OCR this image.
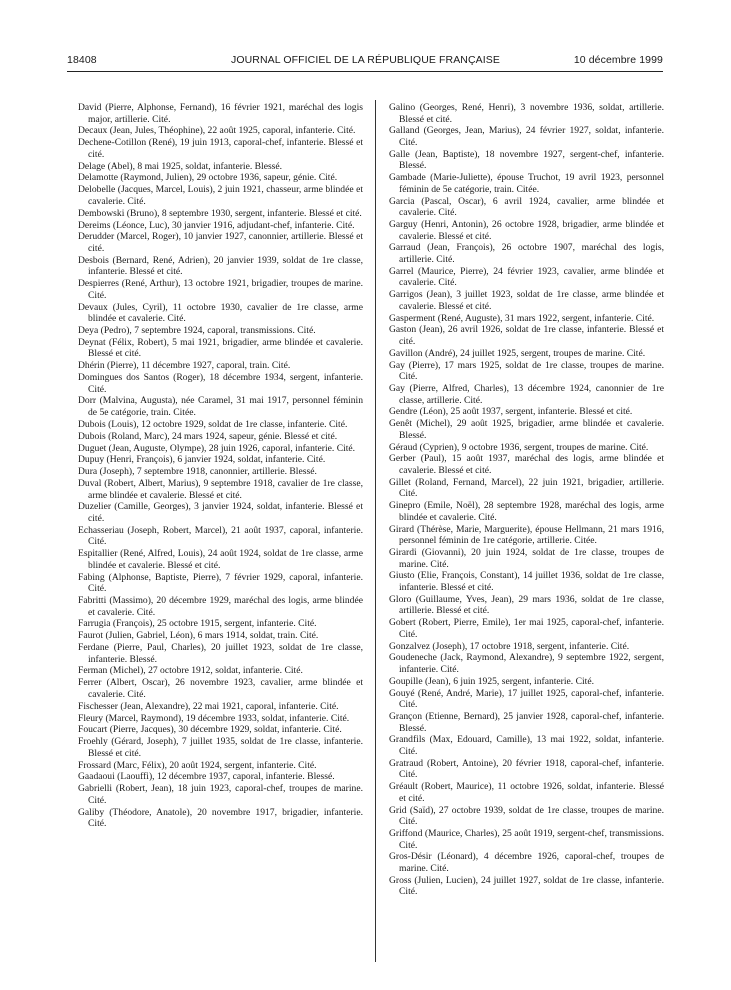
18408	JOURNAL OFFICIEL DE LA RÉPUBLIQUE FRANÇAISE	10 décembre 1999

David (Pierre, Alphonse, Fernand), 16 février 1921, maréchal des logis major, artillerie. Cité.

Decaux (Jean, Jules, Théophine), 22 août 1925, caporal, infanterie. Cité.

Dechene-Cotillon (René), 19 juin 1913, caporal-chef, infanterie. Blessé et cité.

Delage (Abel), 8 mai 1925, soldat, infanterie. Blessé.

Delamotte (Raymond, Julien), 29 octobre 1936, sapeur, génie. Cité.

Delobelle (Jacques, Marcel, Louis), 2 juin 1921, chasseur, arme blindée et cavalerie. Cité.

Dembowski (Bruno), 8 septembre 1930, sergent, infanterie. Blessé et cité.

Dereims (Léonce, Luc), 30 janvier 1916, adjudant-chef, infanterie. Cité.

Derudder (Marcel, Roger), 10 janvier 1927, canonnier, artillerie. Blessé et cité.

Desbois (Bernard, René, Adrien), 20 janvier 1939, soldat de 1re classe, infanterie. Blessé et cité.

Despierres (René, Arthur), 13 octobre 1921, brigadier, troupes de marine. Cité.

Devaux (Jules, Cyril), 11 octobre 1930, cavalier de 1re classe, arme blindée et cavalerie. Cité.

Deya (Pedro), 7 septembre 1924, caporal, transmissions. Cité.

Deynat (Félix, Robert), 5 mai 1921, brigadier, arme blindée et cavalerie. Blessé et cité.

Dhérin (Pierre), 11 décembre 1927, caporal, train. Cité.

Domingues dos Santos (Roger), 18 décembre 1934, sergent, infanterie. Cité.

Dorr (Malvina, Augusta), née Caramel, 31 mai 1917, personnel féminin de 5e catégorie, train. Citée.

Dubois (Louis), 12 octobre 1929, soldat de 1re classe, infanterie. Cité.

Dubois (Roland, Marc), 24 mars 1924, sapeur, génie. Blessé et cité.

Duguet (Jean, Auguste, Olympe), 28 juin 1926, caporal, infanterie. Cité.

Dupuy (Henri, François), 6 janvier 1924, soldat, infanterie. Cité.

Dura (Joseph), 7 septembre 1918, canonnier, artillerie. Blessé.

Duval (Robert, Albert, Marius), 9 septembre 1918, cavalier de 1re classe, arme blindée et cavalerie. Blessé et cité.

Duzelier (Camille, Georges), 3 janvier 1924, soldat, infanterie. Blessé et cité.

Echasseriau (Joseph, Robert, Marcel), 21 août 1937, caporal, infanterie. Cité.

Espitallier (René, Alfred, Louis), 24 août 1924, soldat de 1re classe, arme blindée et cavalerie. Blessé et cité.

Fabing (Alphonse, Baptiste, Pierre), 7 février 1929, caporal, infanterie. Cité.

Fabritti (Massimo), 20 décembre 1929, maréchal des logis, arme blindée et cavalerie. Cité.

Farrugia (François), 25 octobre 1915, sergent, infanterie. Cité.

Faurot (Julien, Gabriel, Léon), 6 mars 1914, soldat, train. Cité.

Ferdane (Pierre, Paul, Charles), 20 juillet 1923, soldat de 1re classe, infanterie. Blessé.

Ferman (Michel), 27 octobre 1912, soldat, infanterie. Cité.

Ferrer (Albert, Oscar), 26 novembre 1923, cavalier, arme blindée et cavalerie. Cité.

Fischesser (Jean, Alexandre), 22 mai 1921, caporal, infanterie. Cité.

Fleury (Marcel, Raymond), 19 décembre 1933, soldat, infanterie. Cité.

Foucart (Pierre, Jacques), 30 décembre 1929, soldat, infanterie. Cité.

Froehly (Gérard, Joseph), 7 juillet 1935, soldat de 1re classe, infanterie. Blessé et cité.

Frossard (Marc, Félix), 20 août 1924, sergent, infanterie. Cité.

Gaadaoui (Laouffi), 12 décembre 1937, caporal, infanterie. Blessé.

Gabrielli (Robert, Jean), 18 juin 1923, caporal-chef, troupes de marine. Cité.

Galiby (Théodore, Anatole), 20 novembre 1917, brigadier, infanterie. Cité.

Galino (Georges, René, Henri), 3 novembre 1936, soldat, artillerie. Blessé et cité.

Galland (Georges, Jean, Marius), 24 février 1927, soldat, infanterie. Cité.

Galle (Jean, Baptiste), 18 novembre 1927, sergent-chef, infanterie. Blessé.

Gambade (Marie-Juliette), épouse Truchot, 19 avril 1923, personnel féminin de 5e catégorie, train. Citée.

Garcia (Pascal, Oscar), 6 avril 1924, cavalier, arme blindée et cavalerie. Cité.

Garguy (Henri, Antonin), 26 octobre 1928, brigadier, arme blindée et cavalerie. Blessé et cité.

Garraud (Jean, François), 26 octobre 1907, maréchal des logis, artillerie. Cité.

Garrel (Maurice, Pierre), 24 février 1923, cavalier, arme blindée et cavalerie. Cité.

Garrigos (Jean), 3 juillet 1923, soldat de 1re classe, arme blindée et cavalerie. Blessé et cité.

Gasperment (René, Auguste), 31 mars 1922, sergent, infanterie. Cité.

Gaston (Jean), 26 avril 1926, soldat de 1re classe, infanterie. Blessé et cité.

Gavillon (André), 24 juillet 1925, sergent, troupes de marine. Cité.

Gay (Pierre), 17 mars 1925, soldat de 1re classe, troupes de marine. Cité.

Gay (Pierre, Alfred, Charles), 13 décembre 1924, canonnier de 1re classe, artillerie. Cité.

Gendre (Léon), 25 août 1937, sergent, infanterie. Blessé et cité.

Genêt (Michel), 29 août 1925, brigadier, arme blindée et cavalerie. Blessé.

Géraud (Cyprien), 9 octobre 1936, sergent, troupes de marine. Cité.

Gerber (Paul), 15 août 1937, maréchal des logis, arme blindée et cavalerie. Blessé et cité.

Gillet (Roland, Fernand, Marcel), 22 juin 1921, brigadier, artillerie. Cité.

Ginepro (Emile, Noël), 28 septembre 1928, maréchal des logis, arme blindée et cavalerie. Cité.

Girard (Thérèse, Marie, Marguerite), épouse Hellmann, 21 mars 1916, personnel féminin de 1re catégorie, artillerie. Citée.

Girardi (Giovanni), 20 juin 1924, soldat de 1re classe, troupes de marine. Cité.

Giusto (Elie, François, Constant), 14 juillet 1936, soldat de 1re classe, infanterie. Blessé et cité.

Gloro (Guillaume, Yves, Jean), 29 mars 1936, soldat de 1re classe, artillerie. Blessé et cité.

Gobert (Robert, Pierre, Emile), 1er mai 1925, caporal-chef, infanterie. Cité.

Gonzalvez (Joseph), 17 octobre 1918, sergent, infanterie. Cité.

Goudeneche (Jack, Raymond, Alexandre), 9 septembre 1922, sergent, infanterie. Cité.

Goupille (Jean), 6 juin 1925, sergent, infanterie. Cité.

Gouyé (René, André, Marie), 17 juillet 1925, caporal-chef, infanterie. Cité.

Grançon (Etienne, Bernard), 25 janvier 1928, caporal-chef, infanterie. Blessé.

Grandfils (Max, Edouard, Camille), 13 mai 1922, soldat, infanterie. Cité.

Gratraud (Robert, Antoine), 20 février 1918, caporal-chef, infanterie. Cité.

Gréault (Robert, Maurice), 11 octobre 1926, soldat, infanterie. Blessé et cité.

Grid (Saïd), 27 octobre 1939, soldat de 1re classe, troupes de marine. Cité.

Griffond (Maurice, Charles), 25 août 1919, sergent-chef, transmissions. Cité.

Gros-Désir (Léonard), 4 décembre 1926, caporal-chef, troupes de marine. Cité.

Gross (Julien, Lucien), 24 juillet 1927, soldat de 1re classe, infanterie. Cité.
